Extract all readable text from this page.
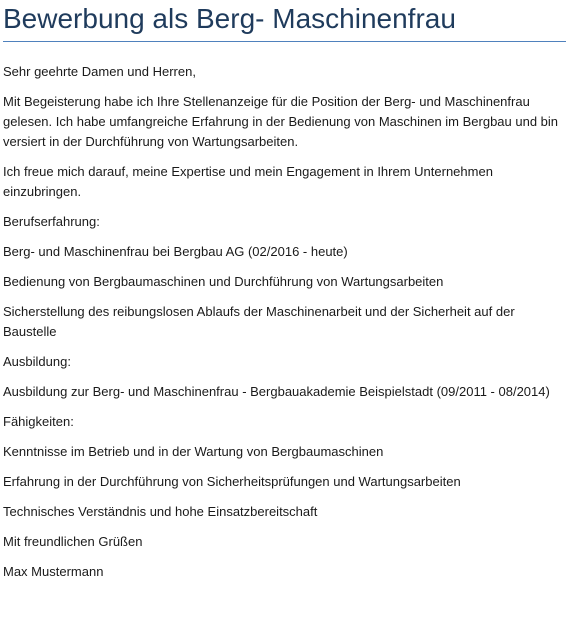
Bewerbung als Berg- Maschinenfrau

Sehr geehrte Damen und Herren,

Mit Begeisterung habe ich Ihre Stellenanzeige für die Position der Berg- und Maschinenfrau gelesen. Ich habe umfangreiche Erfahrung in der Bedienung von Maschinen im Bergbau und bin versiert in der Durchführung von Wartungsarbeiten.

Ich freue mich darauf, meine Expertise und mein Engagement in Ihrem Unternehmen einzubringen.

Berufserfahrung:

Berg- und Maschinenfrau bei Bergbau AG (02/2016 - heute)

Bedienung von Bergbaumaschinen und Durchführung von Wartungsarbeiten

Sicherstellung des reibungslosen Ablaufs der Maschinenarbeit und der Sicherheit auf der Baustelle

Ausbildung:

Ausbildung zur Berg- und Maschinenfrau - Bergbauakademie Beispielstadt (09/2011 - 08/2014)

Fähigkeiten:

Kenntnisse im Betrieb und in der Wartung von Bergbaumaschinen

Erfahrung in der Durchführung von Sicherheitsprüfungen und Wartungsarbeiten

Technisches Verständnis und hohe Einsatzbereitschaft

Mit freundlichen Grüßen

Max Mustermann
